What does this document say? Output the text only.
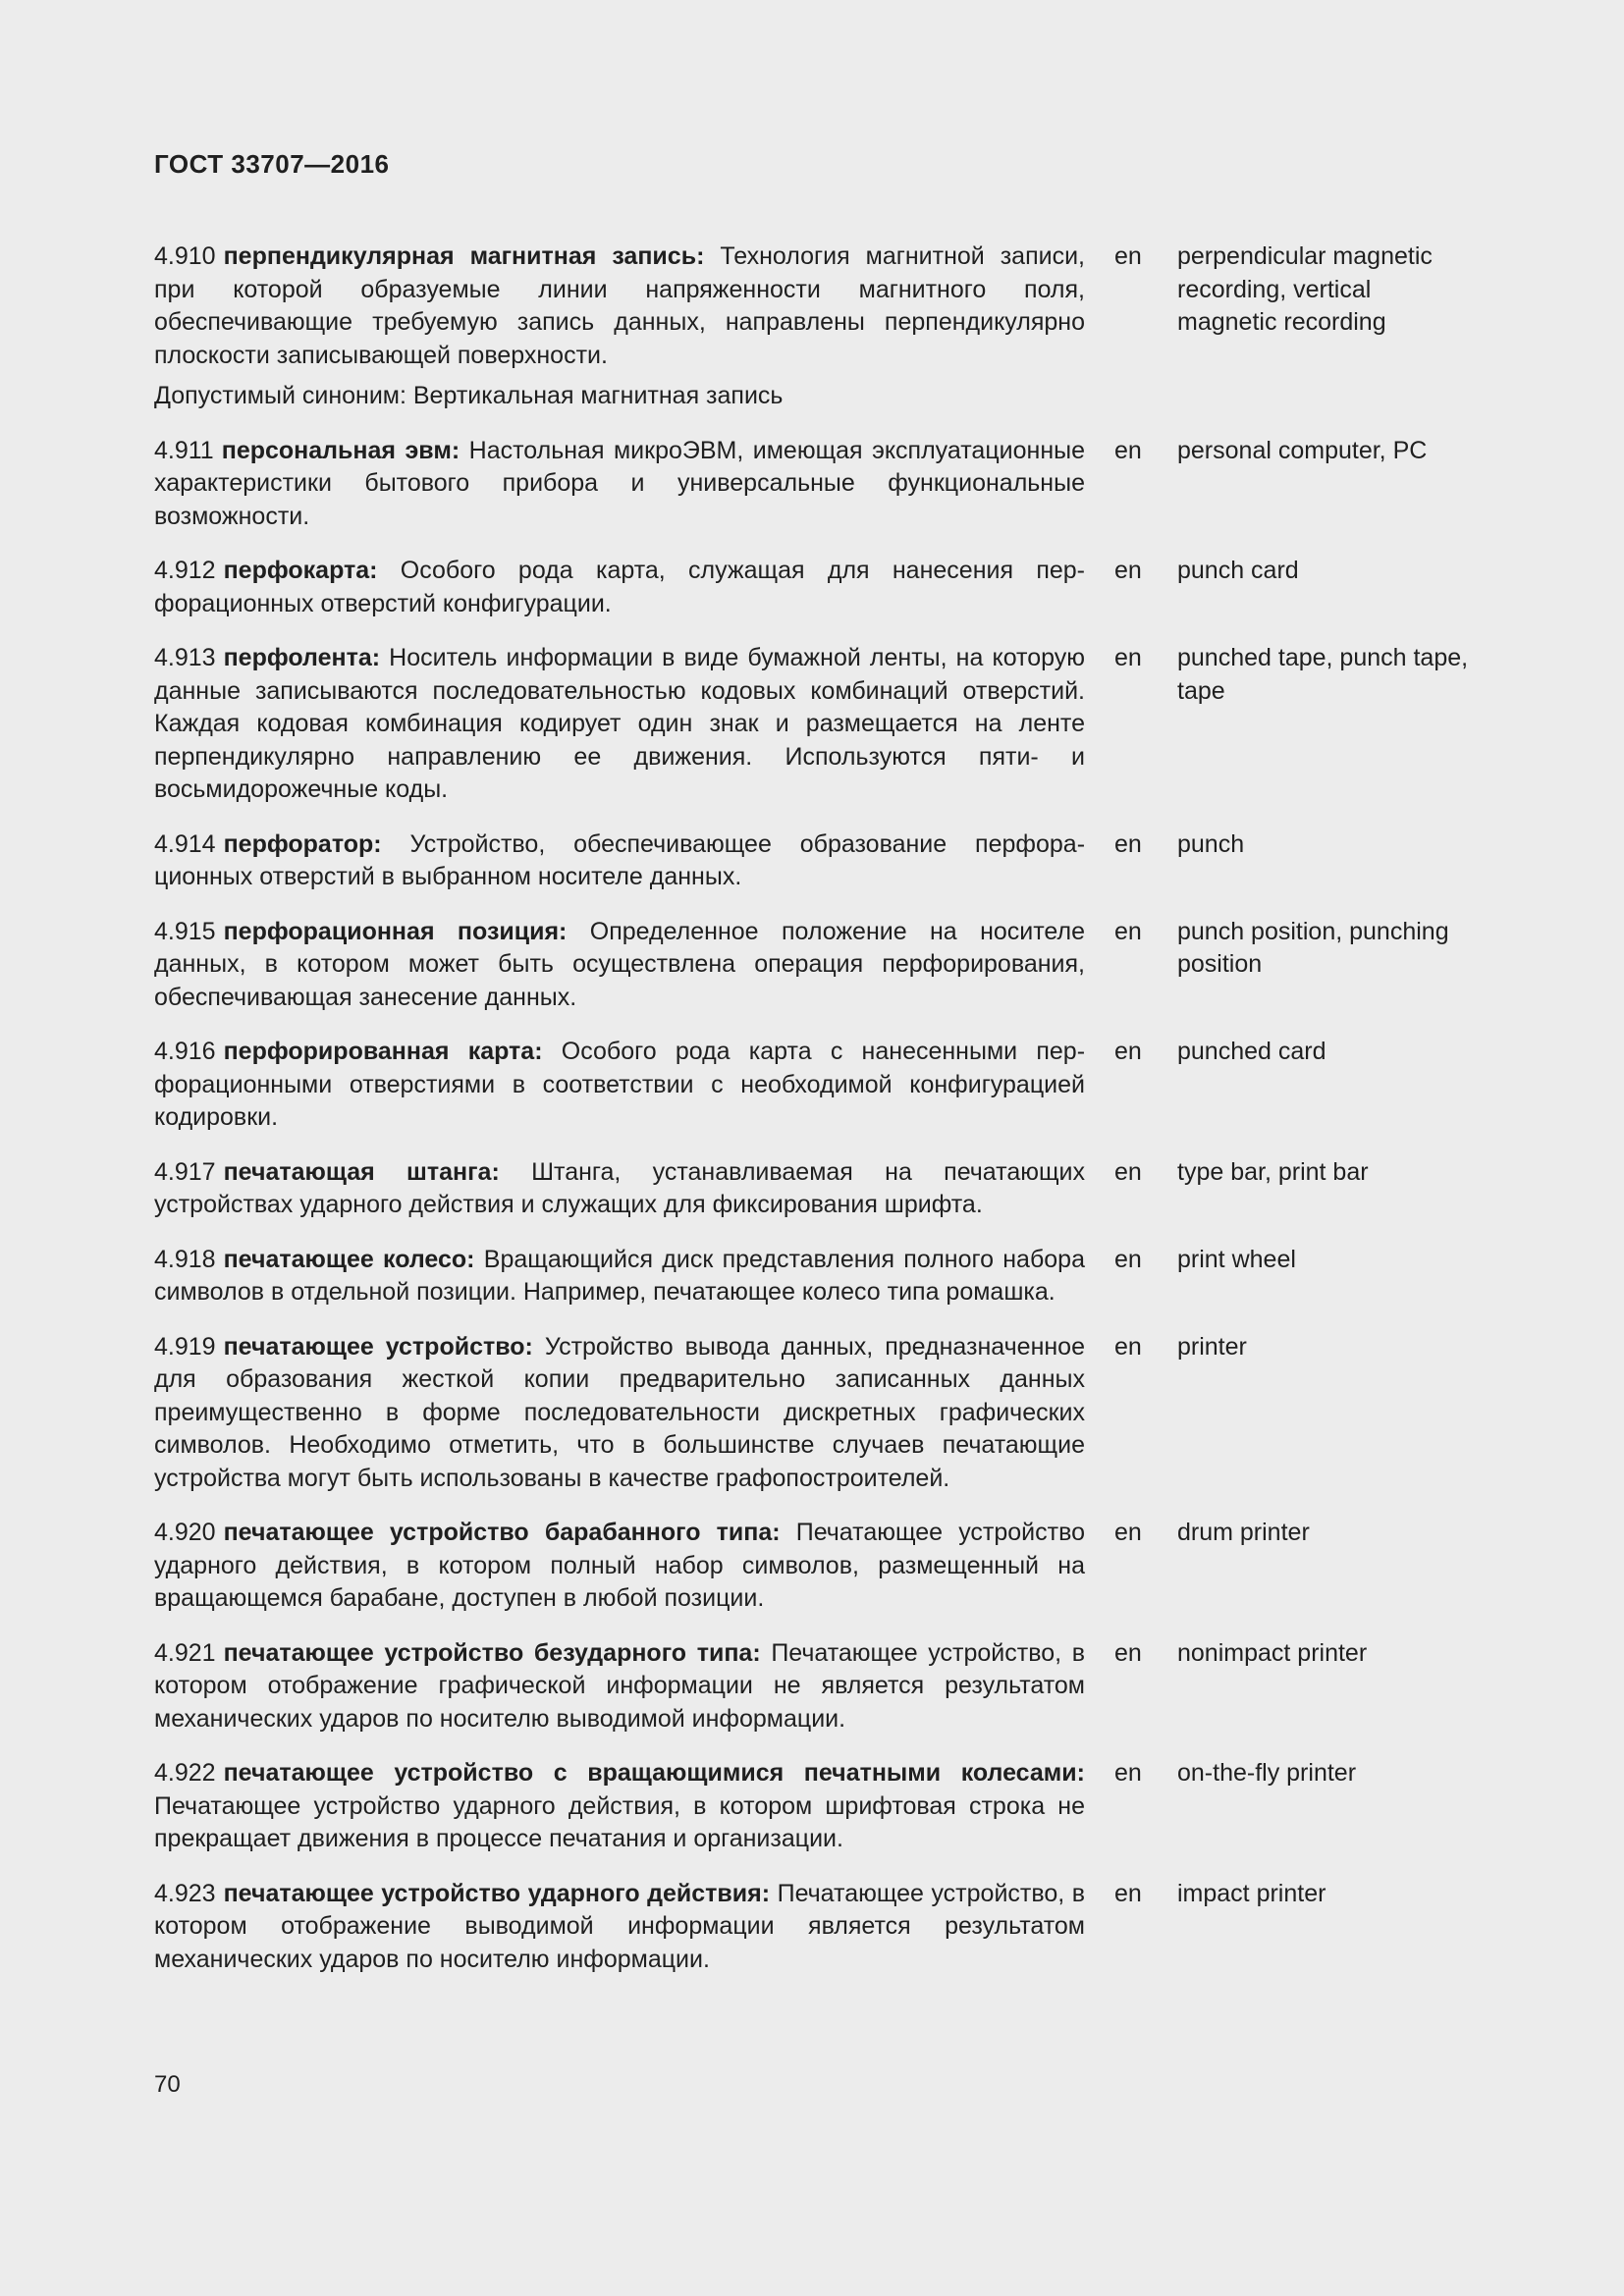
ГОСТ 33707—2016

4.910 перпендикулярная магнитная запись: Технология магнитной записи, при которой образуемые линии напряженности магнитного поля, обеспечивающие требуемую запись данных, направлены перпендикулярно плоскости записывающей поверхности.

Допустимый синоним: Вертикальная магнитная запись

en	perpendicular magnetic recording, vertical magnetic recording

4.911 персональная эвм: Настольная микроЭВМ, имеющая эксплуатационные характеристики бытового прибора и универсальные функциональные возможности.

en	personal computer, PC

4.912 перфокарта: Особого рода карта, служащая для нанесения перфорационных отверстий конфигурации.

en	punch card

4.913 перфолента: Носитель информации в виде бумажной ленты, на которую данные записываются последовательностью кодовых комбинаций отверстий. Каждая кодовая комбинация кодирует один знак и размещается на ленте перпендикулярно направлению ее движения. Используются пяти- и восьмидорожечные коды.

en	punched tape, punch tape, tape

4.914 перфоратор: Устройство, обеспечивающее образование перфорационных отверстий в выбранном носителе данных.

en	punch

4.915 перфорационная позиция: Определенное положение на носителе данных, в котором может быть осуществлена операция перфорирования, обеспечивающая занесение данных.

en	punch position, punching position

4.916 перфорированная карта: Особого рода карта с нанесенными перфорационными отверстиями в соответствии с необходимой конфигурацией кодировки.

en	punched card

4.917 печатающая штанга: Штанга, устанавливаемая на печатающих устройствах ударного действия и служащих для фиксирования шрифта.

en	type bar, print bar

4.918 печатающее колесо: Вращающийся диск представления полного набора символов в отдельной позиции. Например, печатающее колесо типа ромашка.

en	print wheel

4.919 печатающее устройство: Устройство вывода данных, предназначенное для образования жесткой копии предварительно записанных данных преимущественно в форме последовательности дискретных графических символов. Необходимо отметить, что в большинстве случаев печатающие устройства могут быть использованы в качестве графопостроителей.

en	printer

4.920 печатающее устройство барабанного типа: Печатающее устройство ударного действия, в котором полный набор символов, размещенный на вращающемся барабане, доступен в любой позиции.

en	drum printer

4.921 печатающее устройство безударного типа: Печатающее устройство, в котором отображение графической информации не является результатом механических ударов по носителю выводимой информации.

en	nonimpact printer

4.922 печатающее устройство с вращающимися печатными колесами: Печатающее устройство ударного действия, в котором шрифтовая строка не прекращает движения в процессе печатания и организации.

en	on-the-fly printer

4.923 печатающее устройство ударного действия: Печатающее устройство, в котором отображение выводимой информации является результатом механических ударов по носителю информации.

en	impact printer
70
